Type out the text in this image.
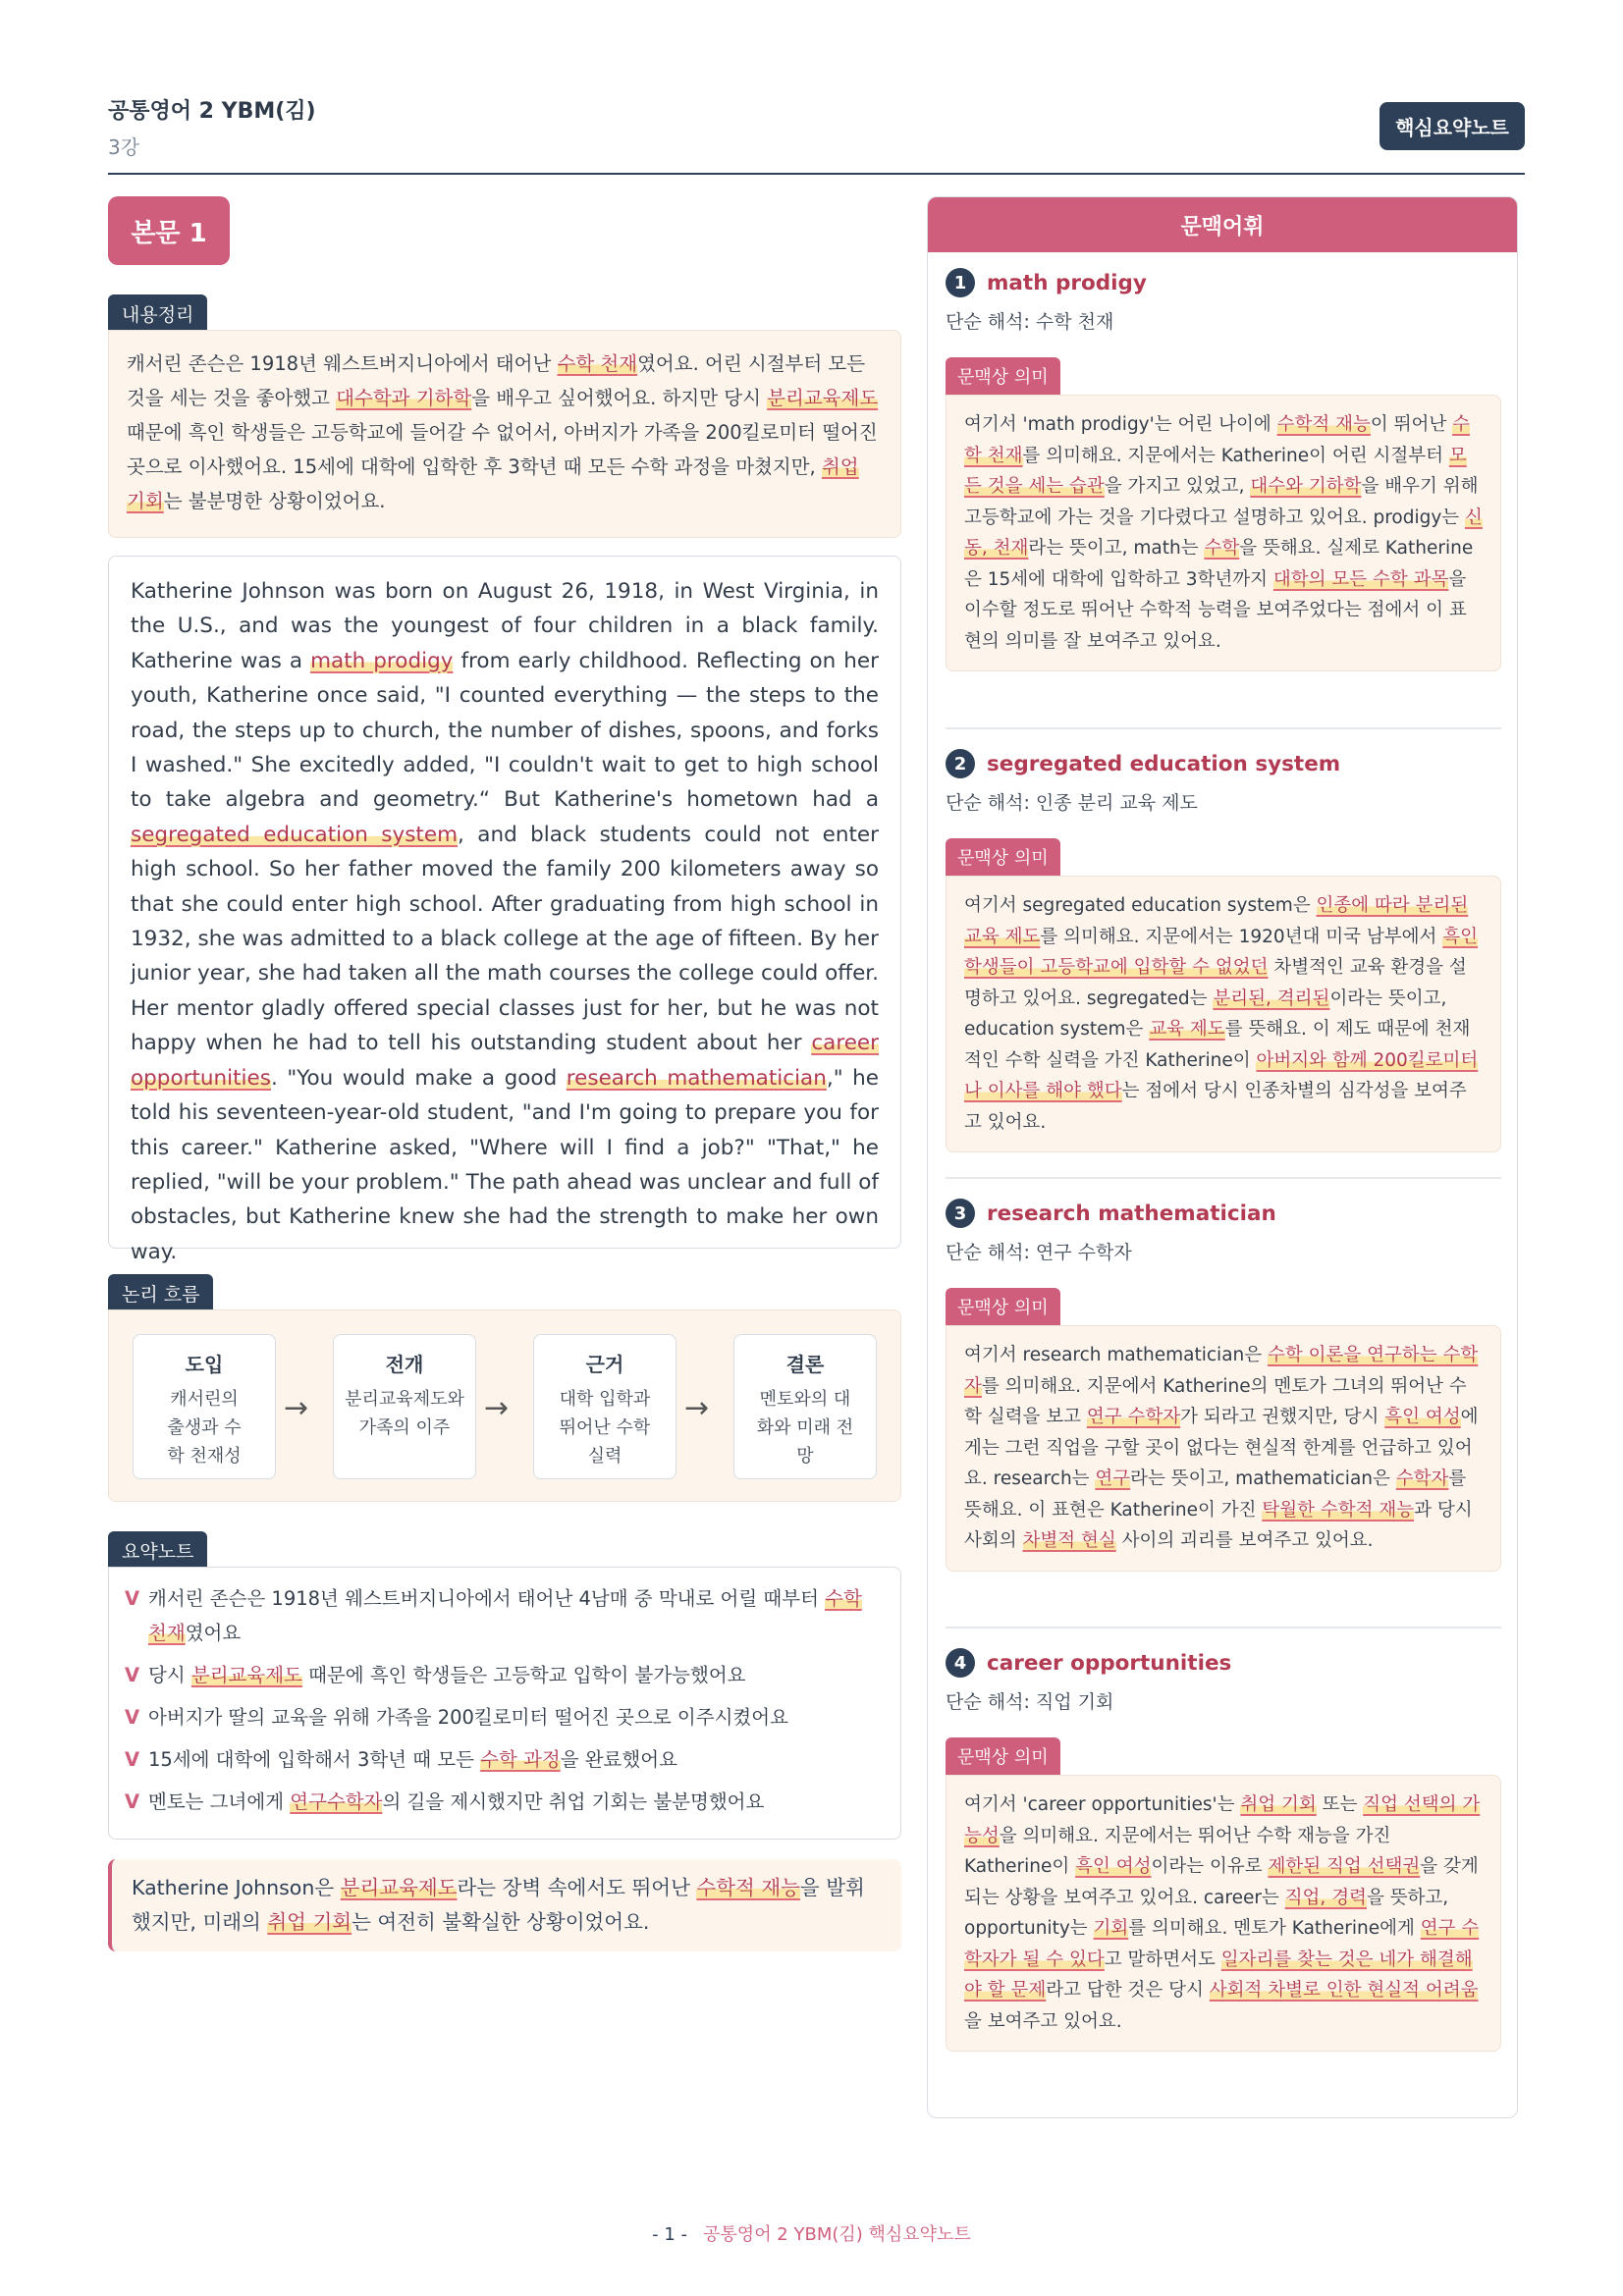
공통영어 2 YBM(김)
3강
핵심요약노트
본문 1
내용정리
캐서린 존슨은 1918년 웨스트버지니아에서 태어난 수학 천재였어요. 어린 시절부터 모든 것을 세는 것을 좋아했고 대수학과 기하학을 배우고 싶어했어요. 하지만 당시 분리교육제도 때문에 흑인 학생들은 고등학교에 들어갈 수 없어서, 아버지가 가족을 200킬로미터 떨어진 곳으로 이사했어요. 15세에 대학에 입학한 후 3학년 때 모든 수학 과정을 마쳤지만, 취업 기회는 불분명한 상황이었어요.
Katherine Johnson was born on August 26, 1918, in West Virginia, in the U.S., and was the youngest of four children in a black family. Katherine was a math prodigy from early childhood. Reflecting on her youth, Katherine once said, "I counted everything — the steps to the road, the steps up to church, the number of dishes, spoons, and forks I washed." She excitedly added, "I couldn't wait to get to high school to take algebra and geometry.“ But Katherine's hometown had a segregated education system, and black students could not enter high school. So her father moved the family 200 kilometers away so that she could enter high school. After graduating from high school in 1932, she was admitted to a black college at the age of fifteen. By her junior year, she had taken all the math courses the college could offer. Her mentor gladly offered special classes just for her, but he was not happy when he had to tell his outstanding student about her career opportunities. "You would make a good research mathematician," he told his seventeen-year-old student, "and I'm going to prepare you for this career." Katherine asked, "Where will I find a job?" "That," he replied, "will be your problem." The path ahead was unclear and full of obstacles, but Katherine knew she had the strength to make her own way.
논리 흐름
도입
캐서린의 출생과 수학 천재성
→
전개
분리교육제도와 가족의 이주
→
근거
대학 입학과 뛰어난 수학 실력
→
결론
멘토와의 대화와 미래 전망
요약노트
V 캐서린 존슨은 1918년 웨스트버지니아에서 태어난 4남매 중 막내로 어릴 때부터 수학 천재였어요
V 당시 분리교육제도 때문에 흑인 학생들은 고등학교 입학이 불가능했어요
V 아버지가 딸의 교육을 위해 가족을 200킬로미터 떨어진 곳으로 이주시켰어요
V 15세에 대학에 입학해서 3학년 때 모든 수학 과정을 완료했어요
V 멘토는 그녀에게 연구수학자의 길을 제시했지만 취업 기회는 불분명했어요
Katherine Johnson은 분리교육제도라는 장벽 속에서도 뛰어난 수학적 재능을 발휘했지만, 미래의 취업 기회는 여전히 불확실한 상황이었어요.
문맥어휘
1 math prodigy
단순 해석: 수학 천재
문맥상 의미
여기서 'math prodigy'는 어린 나이에 수학적 재능이 뛰어난 수학 천재를 의미해요. 지문에서는 Katherine이 어린 시절부터 모든 것을 세는 습관을 가지고 있었고, 대수와 기하학을 배우기 위해 고등학교에 가는 것을 기다렸다고 설명하고 있어요. prodigy는 신동, 천재라는 뜻이고, math는 수학을 뜻해요. 실제로 Katherine은 15세에 대학에 입학하고 3학년까지 대학의 모든 수학 과목을 이수할 정도로 뛰어난 수학적 능력을 보여주었다는 점에서 이 표현의 의미를 잘 보여주고 있어요.
2 segregated education system
단순 해석: 인종 분리 교육 제도
문맥상 의미
여기서 segregated education system은 인종에 따라 분리된 교육 제도를 의미해요. 지문에서는 1920년대 미국 남부에서 흑인 학생들이 고등학교에 입학할 수 없었던 차별적인 교육 환경을 설명하고 있어요. segregated는 분리된, 격리된이라는 뜻이고, education system은 교육 제도를 뜻해요. 이 제도 때문에 천재적인 수학 실력을 가진 Katherine이 아버지와 함께 200킬로미터나 이사를 해야 했다는 점에서 당시 인종차별의 심각성을 보여주고 있어요.
3 research mathematician
단순 해석: 연구 수학자
문맥상 의미
여기서 research mathematician은 수학 이론을 연구하는 수학자를 의미해요. 지문에서 Katherine의 멘토가 그녀의 뛰어난 수학 실력을 보고 연구 수학자가 되라고 권했지만, 당시 흑인 여성에게는 그런 직업을 구할 곳이 없다는 현실적 한계를 언급하고 있어요. research는 연구라는 뜻이고, mathematician은 수학자를 뜻해요. 이 표현은 Katherine이 가진 탁월한 수학적 재능과 당시 사회의 차별적 현실 사이의 괴리를 보여주고 있어요.
4 career opportunities
단순 해석: 직업 기회
문맥상 의미
여기서 'career opportunities'는 취업 기회 또는 직업 선택의 가능성을 의미해요. 지문에서는 뛰어난 수학 재능을 가진 Katherine이 흑인 여성이라는 이유로 제한된 직업 선택권을 갖게 되는 상황을 보여주고 있어요. career는 직업, 경력을 뜻하고, opportunity는 기회를 의미해요. 멘토가 Katherine에게 연구 수학자가 될 수 있다고 말하면서도 일자리를 찾는 것은 네가 해결해야 할 문제라고 답한 것은 당시 사회적 차별로 인한 현실적 어려움을 보여주고 있어요.
- 1 - 공통영어 2 YBM(김) 핵심요약노트
